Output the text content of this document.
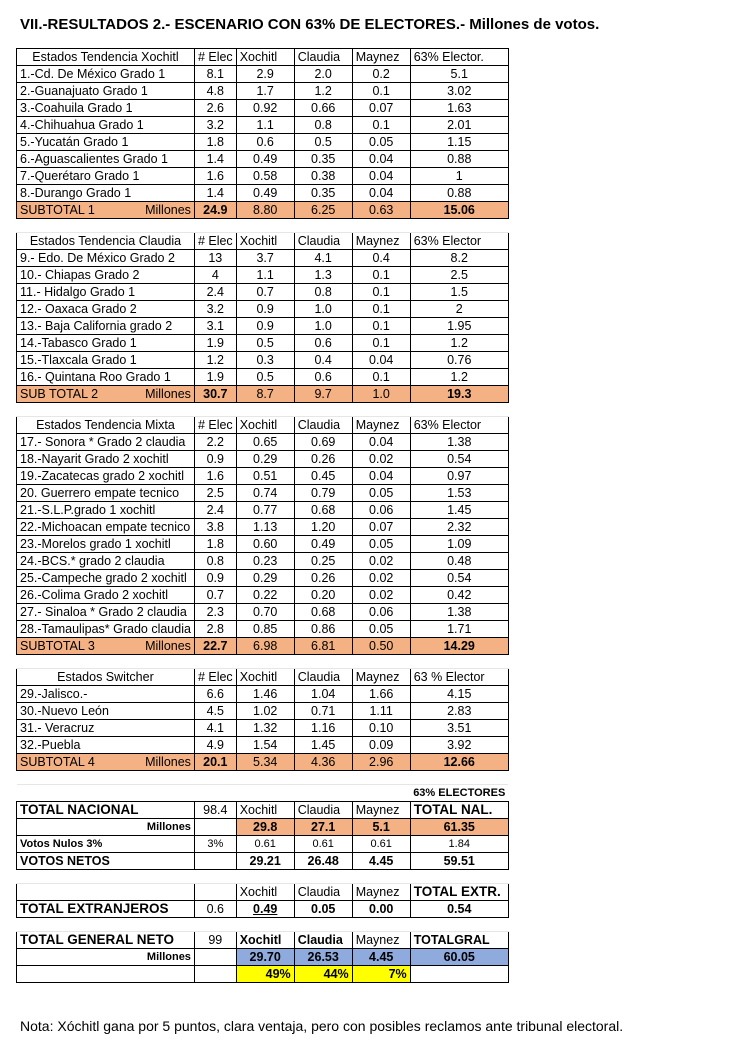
VII.-RESULTADOS 2.- ESCENARIO CON 63% DE ELECTORES.- Millones de votos.
Estados Tendencia Xochitl	# Elec	Xochitl	Claudia	Maynez	63% Elector.
1.-Cd. De México Grado 1	8.1	2.9	2.0	0.2	5.1
2.-Guanajuato Grado 1	4.8	1.7	1.2	0.1	3.02
3.-Coahuila Grado 1	2.6	0.92	0.66	0.07	1.63
4.-Chihuahua Grado 1	3.2	1.1	0.8	0.1	2.01
5.-Yucatán Grado 1	1.8	0.6	0.5	0.05	1.15
6.-Aguascalientes Grado 1	1.4	0.49	0.35	0.04	0.88
7.-Querétaro Grado 1	1.6	0.58	0.38	0.04	1
8.-Durango Grado 1	1.4	0.49	0.35	0.04	0.88

SUBTOTAL 1 Millones	24.9	8.80	6.25	0.63	15.06

Estados Tendencia Claudia	# Elec	Xochitl	Claudia	Maynez	63% Elector
9.- Edo. De México Grado 2	13	3.7	4.1	0.4	8.2
10.- Chiapas Grado 2	4	1.1	1.3	0.1	2.5
11.- Hidalgo Grado 1	2.4	0.7	0.8	0.1	1.5
12.- Oaxaca Grado 2	3.2	0.9	1.0	0.1	2
13.- Baja California grado 2	3.1	0.9	1.0	0.1	1.95
14.-Tabasco Grado 1	1.9	0.5	0.6	0.1	1.2
15.-Tlaxcala Grado 1	1.2	0.3	0.4	0.04	0.76
16.- Quintana Roo Grado 1	1.9	0.5	0.6	0.1	1.2

SUB TOTAL 2 Millones	30.7	8.7	9.7	1.0	19.3

Estados Tendencia Mixta	# Elec	Xochitl	Claudia	Maynez	63% Elector
17.- Sonora * Grado 2 claudia	2.2	0.65	0.69	0.04	1.38
18.-Nayarit Grado 2 xochitl	0.9	0.29	0.26	0.02	0.54
19.-Zacatecas grado 2 xochitl	1.6	0.51	0.45	0.04	0.97
20. Guerrero empate tecnico	2.5	0.74	0.79	0.05	1.53
21.-S.L.P.grado 1 xochitl	2.4	0.77	0.68	0.06	1.45
22.-Michoacan empate tecnico	3.8	1.13	1.20	0.07	2.32
23.-Morelos grado 1 xochitl	1.8	0.60	0.49	0.05	1.09
24.-BCS.* grado 2 claudia	0.8	0.23	0.25	0.02	0.48
25.-Campeche grado 2 xochitl	0.9	0.29	0.26	0.02	0.54
26.-Colima Grado 2 xochitl	0.7	0.22	0.20	0.02	0.42
27.- Sinaloa * Grado 2 claudia	2.3	0.70	0.68	0.06	1.38
28.-Tamaulipas* Grado claudia	2.8	0.85	0.86	0.05	1.71

SUBTOTAL 3 Millones	22.7	6.98	6.81	0.50	14.29

Estados Switcher	# Elec	Xochitl	Claudia	Maynez	63 % Elector
29.-Jalisco.-	6.6	1.46	1.04	1.66	4.15
30.-Nuevo León	4.5	1.02	0.71	1.11	2.83
31.- Veracruz	4.1	1.32	1.16	0.10	3.51
32.-Puebla	4.9	1.54	1.45	0.09	3.92

SUBTOTAL 4 Millones	20.1	5.34	4.36	2.96	12.66

					63% ELECTORES
TOTAL NACIONAL	98.4	Xochitl	Claudia	Maynez	TOTAL NAL.
Millones		29.8	27.1	5.1	61.35
Votos Nulos 3%	3%	0.61	0.61	0.61	1.84
VOTOS NETOS		29.21	26.48	4.45	59.51

		Xochitl	Claudia	Maynez	TOTAL EXTR.
TOTAL EXTRANJEROS	0.6	0.49	0.05	0.00	0.54

TOTAL GENERAL NETO	99	Xochitl	Claudia	Maynez	TOTALGRAL
Millones		29.70	26.53	4.45	60.05
		49%	44%	7%	
Nota: Xóchitl gana por 5 puntos, clara ventaja, pero con posibles reclamos ante tribunal electoral.
